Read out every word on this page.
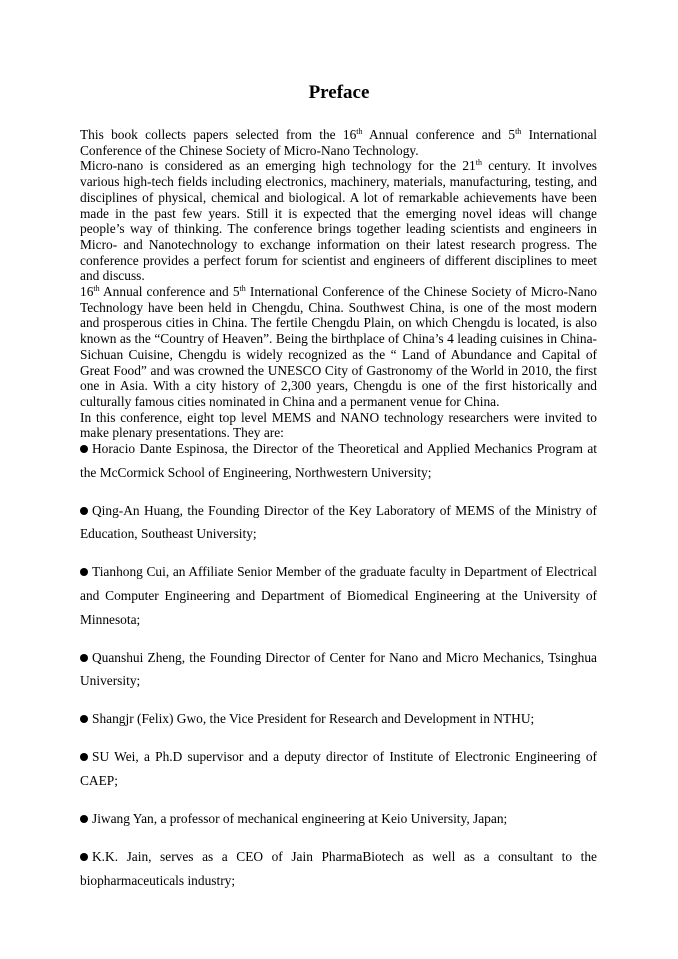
Preface

This book collects papers selected from the 16th Annual conference and 5th International Conference of the Chinese Society of Micro-Nano Technology.

Micro-nano is considered as an emerging high technology for the 21th century. It involves various high-tech fields including electronics, machinery, materials, manufacturing, testing, and disciplines of physical, chemical and biological. A lot of remarkable achievements have been made in the past few years. Still it is expected that the emerging novel ideas will change people’s way of thinking. The conference brings together leading scientists and engineers in Micro- and Nanotechnology to exchange information on their latest research progress. The conference provides a perfect forum for scientist and engineers of different disciplines to meet and discuss.

16th Annual conference and 5th International Conference of the Chinese Society of Micro-Nano Technology have been held in Chengdu, China. Southwest China, is one of the most modern and prosperous cities in China. The fertile Chengdu Plain, on which Chengdu is located, is also known as the “Country of Heaven”. Being the birthplace of China’s 4 leading cuisines in China-Sichuan Cuisine, Chengdu is widely recognized as the “ Land of Abundance and Capital of Great Food” and was crowned the UNESCO City of Gastronomy of the World in 2010, the first one in Asia. With a city history of 2,300 years, Chengdu is one of the first historically and culturally famous cities nominated in China and a permanent venue for China.

In this conference, eight top level MEMS and NANO technology researchers were invited to make plenary presentations. They are:

Horacio Dante Espinosa, the Director of the Theoretical and Applied Mechanics Program at the McCormick School of Engineering, Northwestern University;

Qing-An Huang, the Founding Director of the Key Laboratory of MEMS of the Ministry of Education, Southeast University;

Tianhong Cui, an Affiliate Senior Member of the graduate faculty in Department of Electrical and Computer Engineering and Department of Biomedical Engineering at the University of Minnesota;

Quanshui Zheng, the Founding Director of Center for Nano and Micro Mechanics, Tsinghua University;

Shangjr (Felix) Gwo, the Vice President for Research and Development in NTHU;

SU Wei, a Ph.D supervisor and a deputy director of Institute of Electronic Engineering of CAEP;

Jiwang Yan, a professor of mechanical engineering at Keio University, Japan;

K.K. Jain, serves as a CEO of Jain PharmaBiotech as well as a consultant to the biopharmaceuticals industry;
